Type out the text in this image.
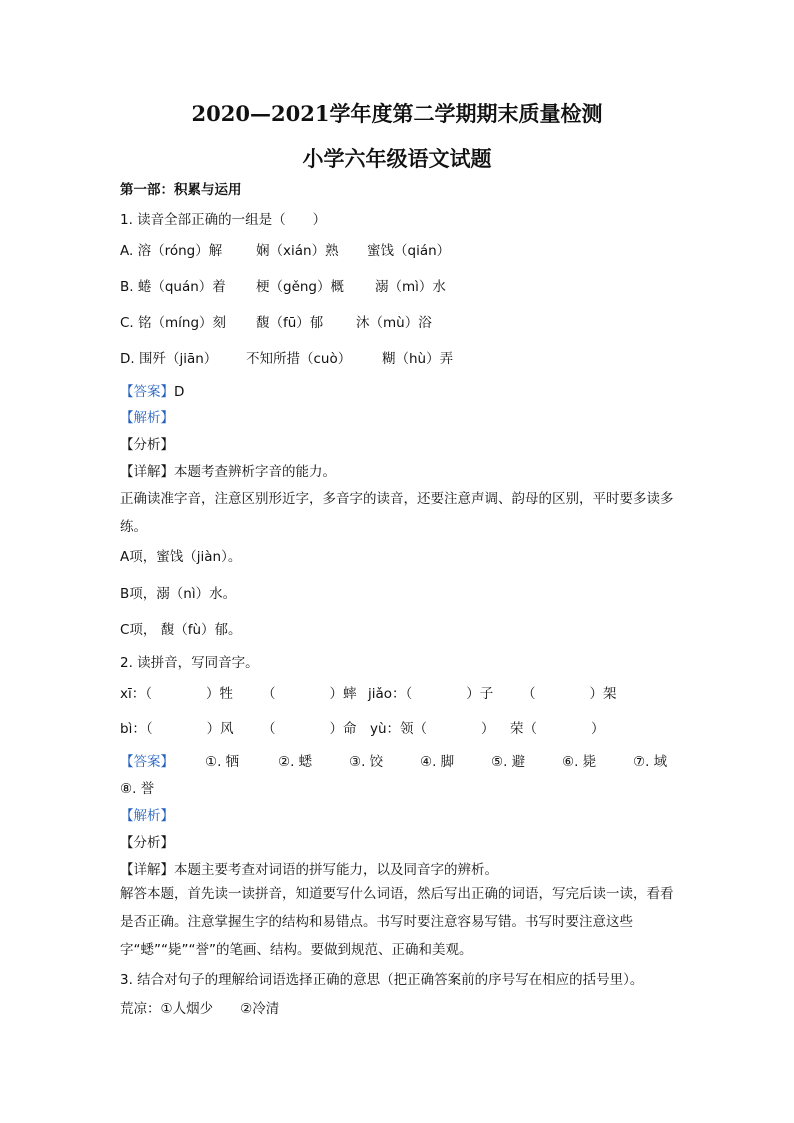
2020—2021学年度第二学期期末质量检测
小学六年级语文试题
第一部：积累与运用
1. 读音全部正确的一组是（　　）
A. 溶（róng）解	娴（xián）熟 蜜饯（qián）
B. 蜷（quán）着 梗（gěng）概 溺（mì）水
C. 铭（míng）刻 馥（fū）郁 沐（mù）浴
D. 围歼（jiān） 不知所措（cuò） 糊（hù）弄
【答案】D
【解析】
【分析】
【详解】本题考查辨析字音的能力。
正确读准字音，注意区别形近字，多音字的读音，还要注意声调、韵母的区别，平时要多读多练。
A项，蜜饯（jiàn）。
B项，溺（nì）水。
C项， 馥（fù）郁。
2. 读拼音，写同音字。
xī：（　　　　）牲 （　　　　）蟀 jiǎo：（　　　　）子 （　　　　）架
bì：（　　　　）风 （　　　　）命 yù：领（　　　　） 荣（　　　　）
【答案】 ①. 牺	②. 蟋	③. 饺	④. 脚	⑤. 避	⑥. 毙	⑦. 域
⑧. 誉
【解析】
【分析】
【详解】本题主要考查对词语的拼写能力，以及同音字的辨析。
解答本题，首先读一读拼音，知道要写什么词语，然后写出正确的词语，写完后读一读，看看是否正确。注意掌握生字的结构和易错点。书写时要注意容易写错。书写时要注意这些字“蟋”“毙”“誉”的笔画、结构。要做到规范、正确和美观。
3. 结合对句子的理解给词语选择正确的意思（把正确答案前的序号写在相应的括号里）。
荒凉：①人烟少　　②冷清
